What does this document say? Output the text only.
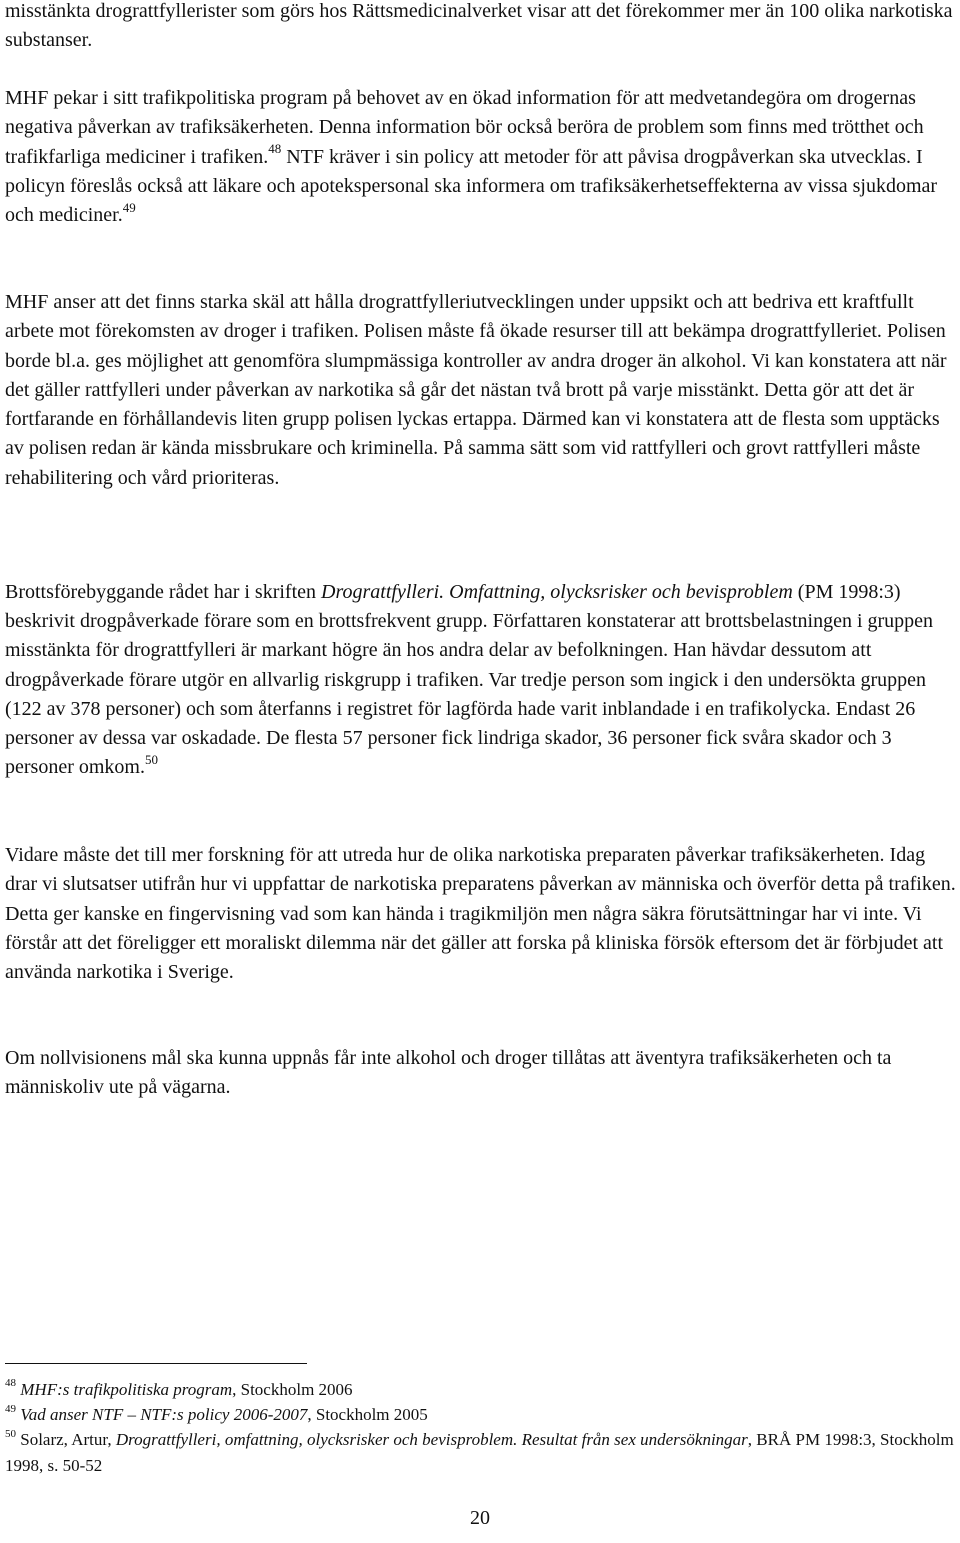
misstänkta drograttfyllerister som görs hos Rättsmedicinalverket visar att det förekommer mer än 100 olika narkotiska substanser.

MHF pekar i sitt trafikpolitiska program på behovet av en ökad information för att medvetandegöra om drogernas negativa påverkan av trafiksäkerheten. Denna information bör också beröra de problem som finns med trötthet och trafikfarliga mediciner i trafiken.$^{48}$ NTF kräver i sin policy att metoder för att påvisa drogpåverkan ska utvecklas. I policyn föreslås också att läkare och apotekspersonal ska informera om trafiksäkerhetseffekterna av vissa sjukdomar och mediciner.$^{49}$

MHF anser att det finns starka skäl att hålla drograttfylleriutvecklingen under uppsikt och att bedriva ett kraftfullt arbete mot förekomsten av droger i trafiken. Polisen måste få ökade resurser till att bekämpa drograttfylleriet. Polisen borde bl.a. ges möjlighet att genomföra slumpmässiga kontroller av andra droger än alkohol. Vi kan konstatera att när det gäller rattfylleri under påverkan av narkotika så går det nästan två brott på varje misstänkt. Detta gör att det är fortfarande en förhållandevis liten grupp polisen lyckas ertappa. Därmed kan vi konstatera att de flesta som upptäcks av polisen redan är kända missbrukare och kriminella. På samma sätt som vid rattfylleri och grovt rattfylleri måste rehabilitering och vård prioriteras.

Brottsförebyggande rådet har i skriften Drograttfylleri. Omfattning, olycksrisker och bevisproblem (PM 1998:3) beskrivit drogpåverkade förare som en brottsfrekvent grupp. Författaren konstaterar att brottsbelastningen i gruppen misstänkta för drograttfylleri är markant högre än hos andra delar av befolkningen. Han hävdar dessutom att drogpåverkade förare utgör en allvarlig riskgrupp i trafiken. Var tredje person som ingick i den undersökta gruppen (122 av 378 personer) och som återfanns i registret för lagförda hade varit inblandade i en trafikolycka. Endast 26 personer av dessa var oskadade. De flesta 57 personer fick lindriga skador, 36 personer fick svåra skador och 3 personer omkom.$^{50}$

Vidare måste det till mer forskning för att utreda hur de olika narkotiska preparaten påverkar trafiksäkerheten. Idag drar vi slutsatser utifrån hur vi uppfattar de narkotiska preparatens påverkan av människa och överför detta på trafiken. Detta ger kanske en fingervisning vad som kan hända i tragikmiljön men några säkra förutsättningar har vi inte. Vi förstår att det föreligger ett moraliskt dilemma när det gäller att forska på kliniska försök eftersom det är förbjudet att använda narkotika i Sverige.

Om nollvisionens mål ska kunna uppnås får inte alkohol och droger tillåtas att äventyra trafiksäkerheten och ta människoliv ute på vägarna.

$^{48}$ MHF:s trafikpolitiska program, Stockholm 2006

$^{49}$ Vad anser NTF – NTF:s policy 2006-2007, Stockholm 2005

$^{50}$ Solarz, Artur, Drograttfylleri, omfattning, olycksrisker och bevisproblem. Resultat från sex undersökningar, BRÅ PM 1998:3, Stockholm 1998, s. 50-52

20
